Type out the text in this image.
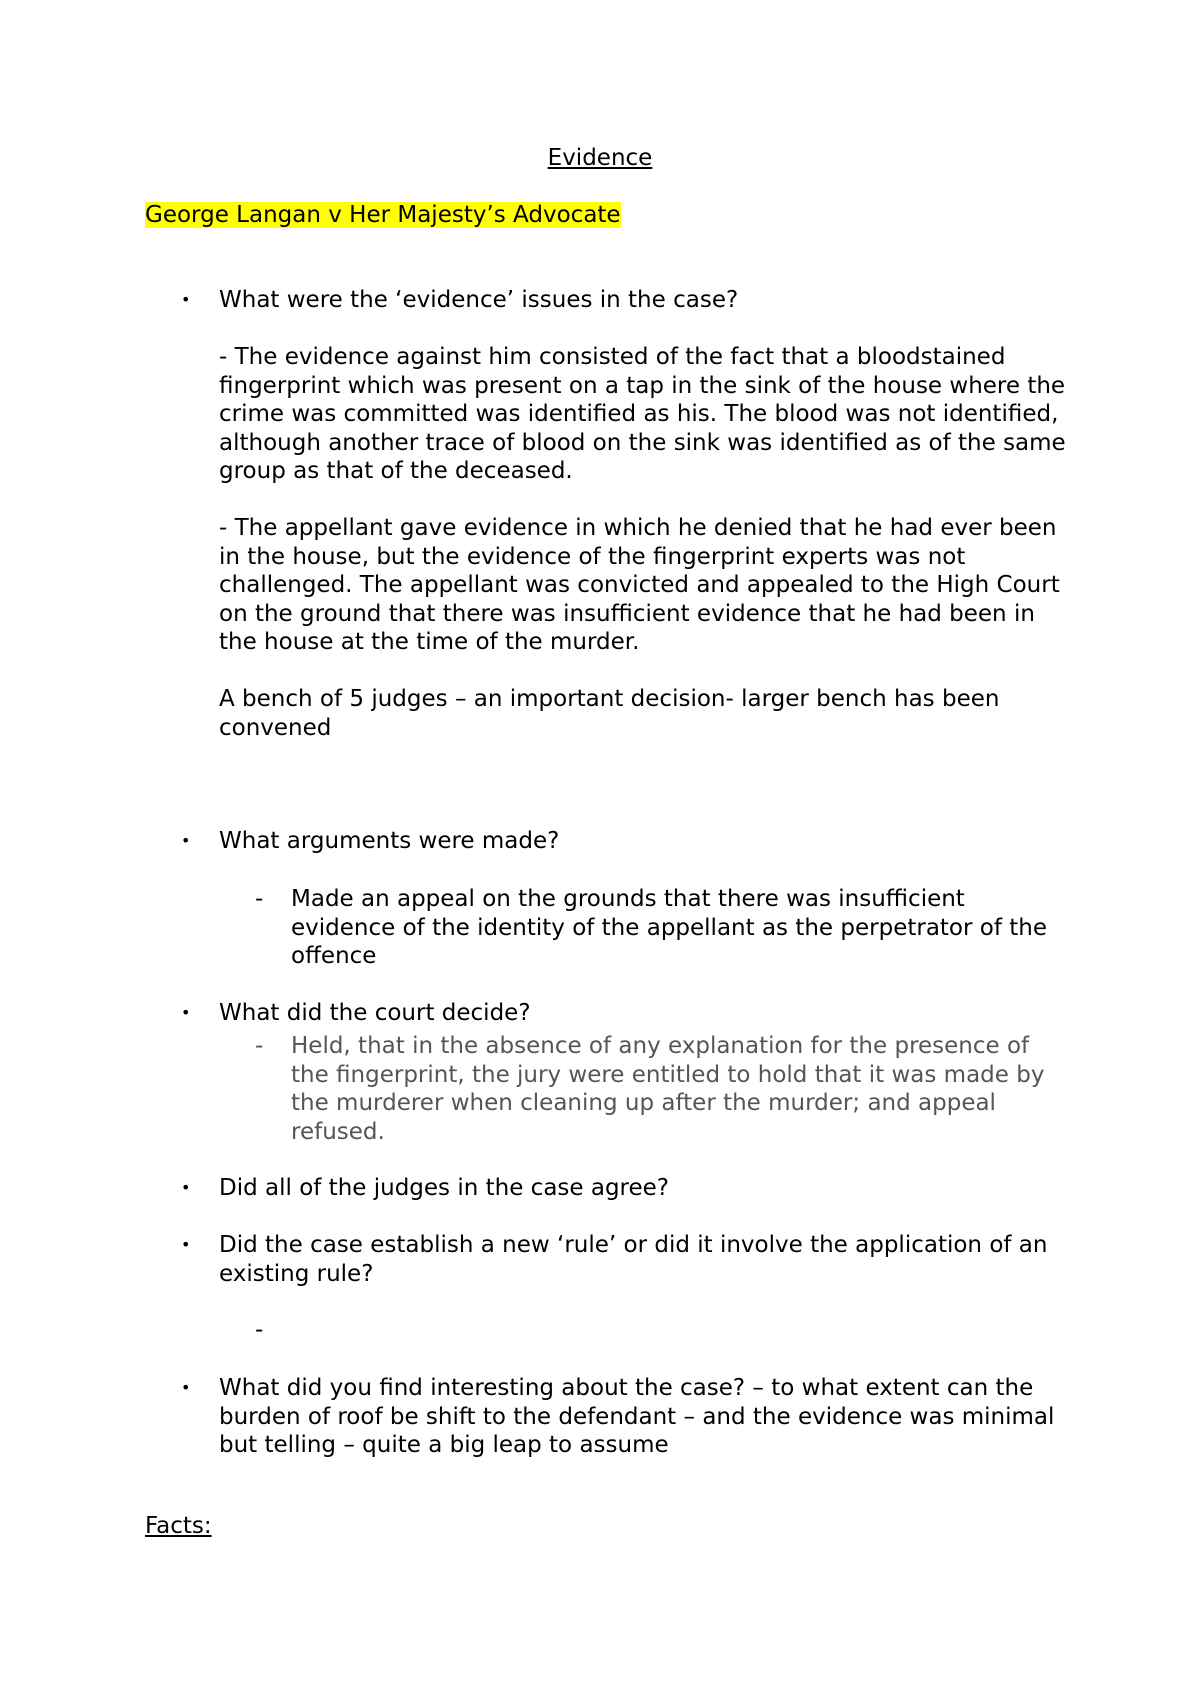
Evidence
George Langan v Her Majesty’s Advocate
• What were the ‘evidence’ issues in the case?
- The evidence against him consisted of the fact that a bloodstained fingerprint which was present on a tap in the sink of the house where the crime was committed was identified as his. The blood was not identified, although another trace of blood on the sink was identified as of the same group as that of the deceased.
- The appellant gave evidence in which he denied that he had ever been in the house, but the evidence of the fingerprint experts was not challenged. The appellant was convicted and appealed to the High Court on the ground that there was insufficient evidence that he had been in the house at the time of the murder.
A bench of 5 judges – an important decision- larger bench has been convened
• What arguments were made?
- Made an appeal on the grounds that there was insufficient evidence of the identity of the appellant as the perpetrator of the offence
• What did the court decide?
- Held, that in the absence of any explanation for the presence of the fingerprint, the jury were entitled to hold that it was made by the murderer when cleaning up after the murder; and appeal refused.
• Did all of the judges in the case agree?
• Did the case establish a new ‘rule’ or did it involve the application of an existing rule?
-
• What did you find interesting about the case? – to what extent can the burden of roof be shift to the defendant – and the evidence was minimal but telling – quite a big leap to assume
Facts:
